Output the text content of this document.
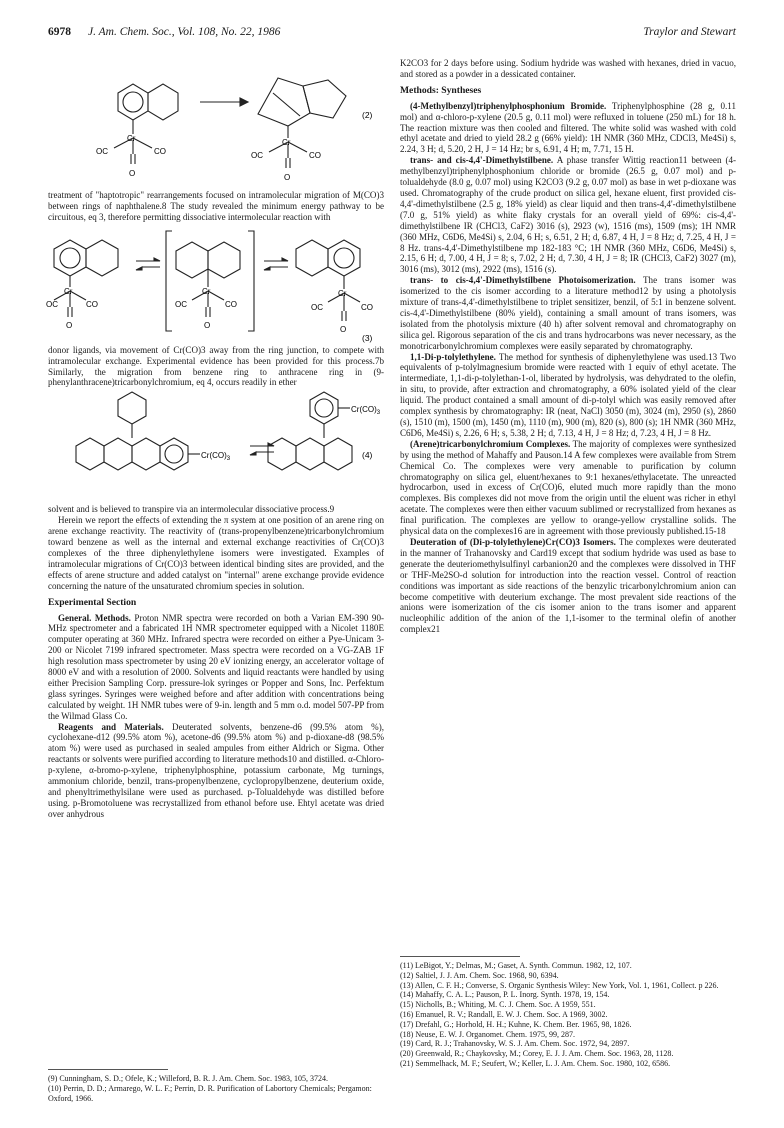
6978 J. Am. Chem. Soc., Vol. 108, No. 22, 1986	Traylor and Stewart
Cr
OC	CO
O
Cr
OC	CO
O
(2)

treatment of "haptotropic" rearrangements focused on intramolecular migration of M(CO)3 between rings of naphthalene.8 The study revealed the minimum energy pathway to be circuitous, eq 3, therefore permitting dissociative intermolecular reaction with

Cr
OC	CO
O
Cr
OC	CO
O
Cr
OC	CO
O
(3)

donor ligands, via movement of Cr(CO)3 away from the ring junction, to compete with intramolecular exchange. Experimental evidence has been provided for this process.7b Similarly, the migration from benzene ring to anthracene ring in (9-phenylanthracene)tricarbonylchromium, eq 4, occurs readily in ether

$Cr(CO)_3$
$Cr(CO)_3$
(4)

solvent and is believed to transpire via an intermolecular dissociative process.9

Herein we report the effects of extending the π system at one position of an arene ring on arene exchange reactivity. The reactivity of (trans-propenylbenzene)tricarbonylchromium toward benzene as well as the internal and external exchange reactivities of Cr(CO)3 complexes of the three diphenylethylene isomers were investigated. Examples of intramolecular migrations of Cr(CO)3 between identical binding sites are provided, and the effects of arene structure and added catalyst on "internal" arene exchange provide evidence concerning the nature of the unsaturated chromium species in solution.

Experimental Section

General. Methods. Proton NMR spectra were recorded on both a Varian EM-390 90-MHz spectrometer and a fabricated 1H NMR spectrometer equipped with a Nicolet 1180E computer operating at 360 MHz. Infrared spectra were recorded on either a Pye-Unicam 3-200 or Nicolet 7199 infrared spectrometer. Mass spectra were recorded on a VG-ZAB 1F high resolution mass spectrometer by using 20 eV ionizing energy, an accelerator voltage of 8000 eV and with a resolution of 2000. Solvents and liquid reactants were handled by using either Precision Sampling Corp. pressure-lok syringes or Popper and Sons, Inc. Perfektum glass syringes. Syringes were weighed before and after addition with concentrations being calculated by weight. 1H NMR tubes were of 9-in. length and 5 mm o.d. model 507-PP from the Wilmad Glass Co.

Reagents and Materials. Deuterated solvents, benzene-d6 (99.5% atom %), cyclohexane-d12 (99.5% atom %), acetone-d6 (99.5% atom %) and p-dioxane-d8 (98.5% atom %) were used as purchased in sealed ampules from either Aldrich or Sigma. Other reactants or solvents were purified according to literature methods10 and distilled. α-Chloro-p-xylene, α-bromo-p-xylene, triphenylphosphine, potassium carbonate, Mg turnings, ammonium chloride, benzil, trans-propenylbenzene, cyclopropylbenzene, deuterium oxide, and phenyltrimethylsilane were used as purchased. p-Tolualdehyde was distilled before using. p-Bromotoluene was recrystallized from ethanol before use. Ehtyl acetate was dried over anhydrous

(9) Cunningham, S. D.; Ofele, K.; Willeford, B. R. J. Am. Chem. Soc. 1983, 105, 3724.

(10) Perrin, D. D.; Armarego, W. L. F.; Perrin, D. R. Purification of Labortory Chemicals; Pergamon: Oxford, 1966.

K2CO3 for 2 days before using. Sodium hydride was washed with hexanes, dried in vacuo, and stored as a powder in a dessicated container.

Methods: Syntheses

(4-Methylbenzyl)triphenylphosphonium Bromide. Triphenylphosphine (28 g, 0.11 mol) and α-chloro-p-xylene (20.5 g, 0.11 mol) were refluxed in toluene (250 mL) for 18 h. The reaction mixture was then cooled and filtered. The white solid was washed with cold ethyl acetate and dried to yield 28.2 g (66% yield): 1H NMR (360 MHz, CDCl3, Me4Si) s, 2.24, 3 H; d, 5.20, 2 H, J = 14 Hz; br s, 6.91, 4 H; m, 7.71, 15 H.

trans- and cis-4,4'-Dimethylstilbene. A phase transfer Wittig reaction11 between (4-methylbenzyl)triphenylphosphonium chloride or bromide (26.5 g, 0.07 mol) and p-tolualdehyde (8.0 g, 0.07 mol) using K2CO3 (9.2 g, 0.07 mol) as base in wet p-dioxane was used. Chromatography of the crude product on silica gel, hexane eluent, first provided cis-4,4'-dimethylstilbene (2.5 g, 18% yield) as clear liquid and then trans-4,4'-dimethylstilbene (7.0 g, 51% yield) as white flaky crystals for an overall yield of 69%: cis-4,4'-dimethylstilbene IR (CHCl3, CaF2) 3016 (s), 2923 (w), 1516 (ms), 1509 (ms); 1H NMR (360 MHz, C6D6, Me4Si) s, 2.04, 6 H; s, 6.51, 2 H; d, 6.87, 4 H, J = 8 Hz; d, 7.25, 4 H, J = 8 Hz. trans-4,4'-Dimethylstilbene mp 182-183 °C; 1H NMR (360 MHz, C6D6, Me4Si) s, 2.15, 6 H; d, 7.00, 4 H, J = 8; s, 7.02, 2 H; d, 7.30, 4 H, J = 8; IR (CHCl3, CaF2) 3027 (m), 3016 (ms), 3012 (ms), 2922 (ms), 1516 (s).

trans- to cis-4,4'-Dimethylstilbene Photoisomerization. The trans isomer was isomerized to the cis isomer according to a literature method12 by using a photolysis mixture of trans-4,4'-dimethylstilbene to triplet sensitizer, benzil, of 5:1 in benzene solvent. cis-4,4'-Dimethylstilbene (80% yield), containing a small amount of trans isomers, was isolated from the photolysis mixture (40 h) after solvent removal and chromatography on silica gel. Rigorous separation of the cis and trans hydrocarbons was never necessary, as the monotricarbonylchromium complexes were easily separated by chromatography.

1,1-Di-p-tolylethylene. The method for synthesis of diphenylethylene was used.13 Two equivalents of p-tolylmagnesium bromide were reacted with 1 equiv of ethyl acetate. The intermediate, 1,1-di-p-tolylethan-1-ol, liberated by hydrolysis, was dehydrated to the olefin, in situ, to provide, after extraction and chromatography, a 60% isolated yield of the clear liquid. The product contained a small amount of di-p-tolyl which was easily removed after complex synthesis by chromatography: IR (neat, NaCl) 3050 (m), 3024 (m), 2950 (s), 2860 (s), 1510 (m), 1500 (m), 1450 (m), 1110 (m), 900 (m), 820 (s), 800 (s); 1H NMR (360 MHz, C6D6, Me4Si) s, 2.26, 6 H; s, 5.38, 2 H; d, 7.13, 4 H, J = 8 Hz; d, 7.23, 4 H, J = 8 Hz.

(Arene)tricarbonylchromium Complexes. The majority of complexes were synthesized by using the method of Mahaffy and Pauson.14 A few complexes were available from Strem Chemical Co. The complexes were very amenable to purification by column chromatography on silica gel, eluent/hexanes to 9:1 hexanes/ethylacetate. The unreacted hydrocarbon, used in excess of Cr(CO)6, eluted much more rapidly than the mono complexes. Bis complexes did not move from the origin until the eluent was richer in ethyl acetate. The complexes were then either vacuum sublimed or recrystallized from hexanes as final purification. The complexes are yellow to orange-yellow crystalline solids. The physical data on the complexes16 are in agreement with those previously published.15-18

Deuteration of (Di-p-tolylethylene)Cr(CO)3 Isomers. The complexes were deuterated in the manner of Trahanovsky and Card19 except that sodium hydride was used as base to generate the deuteriomethylsulfinyl carbanion20 and the complexes were dissolved in THF or THF-Me2SO-d solution for introduction into the reaction vessel. Control of reaction conditions was important as side reactions of the benzylic tricarbonylchromium anion can become competitive with deuterium exchange. The most prevalent side reactions of the anions were isomerization of the cis isomer anion to the trans isomer and apparent nucleophilic addition of the anion of the 1,1-isomer to the terminal olefin of another complex21

(11) LeBigot, Y.; Delmas, M.; Gaset, A. Synth. Commun. 1982, 12, 107.

(12) Saltiel, J. J. Am. Chem. Soc. 1968, 90, 6394.

(13) Allen, C. F. H.; Converse, S. Organic Synthesis Wiley: New York, Vol. 1, 1961, Collect. p 226.

(14) Mahaffy, C. A. L.; Pauson, P. L. Inorg. Synth. 1978, 19, 154.

(15) Nicholls, B.; Whiting, M. C. J. Chem. Soc. A 1959, 551.

(16) Emanuel, R. V.; Randall, E. W. J. Chem. Soc. A 1969, 3002.

(17) Drefahl, G.; Horhold, H. H.; Kuhne, K. Chem. Ber. 1965, 98, 1826.

(18) Neuse, E. W. J. Organomet. Chem. 1975, 99, 287.

(19) Card, R. J.; Trahanovsky, W. S. J. Am. Chem. Soc. 1972, 94, 2897.

(20) Greenwald, R.; Chaykovsky, M.; Corey, E. J. J. Am. Chem. Soc. 1963, 28, 1128.

(21) Semmelhack, M. F.; Seufert, W.; Keller, L. J. Am. Chem. Soc. 1980, 102, 6586.
